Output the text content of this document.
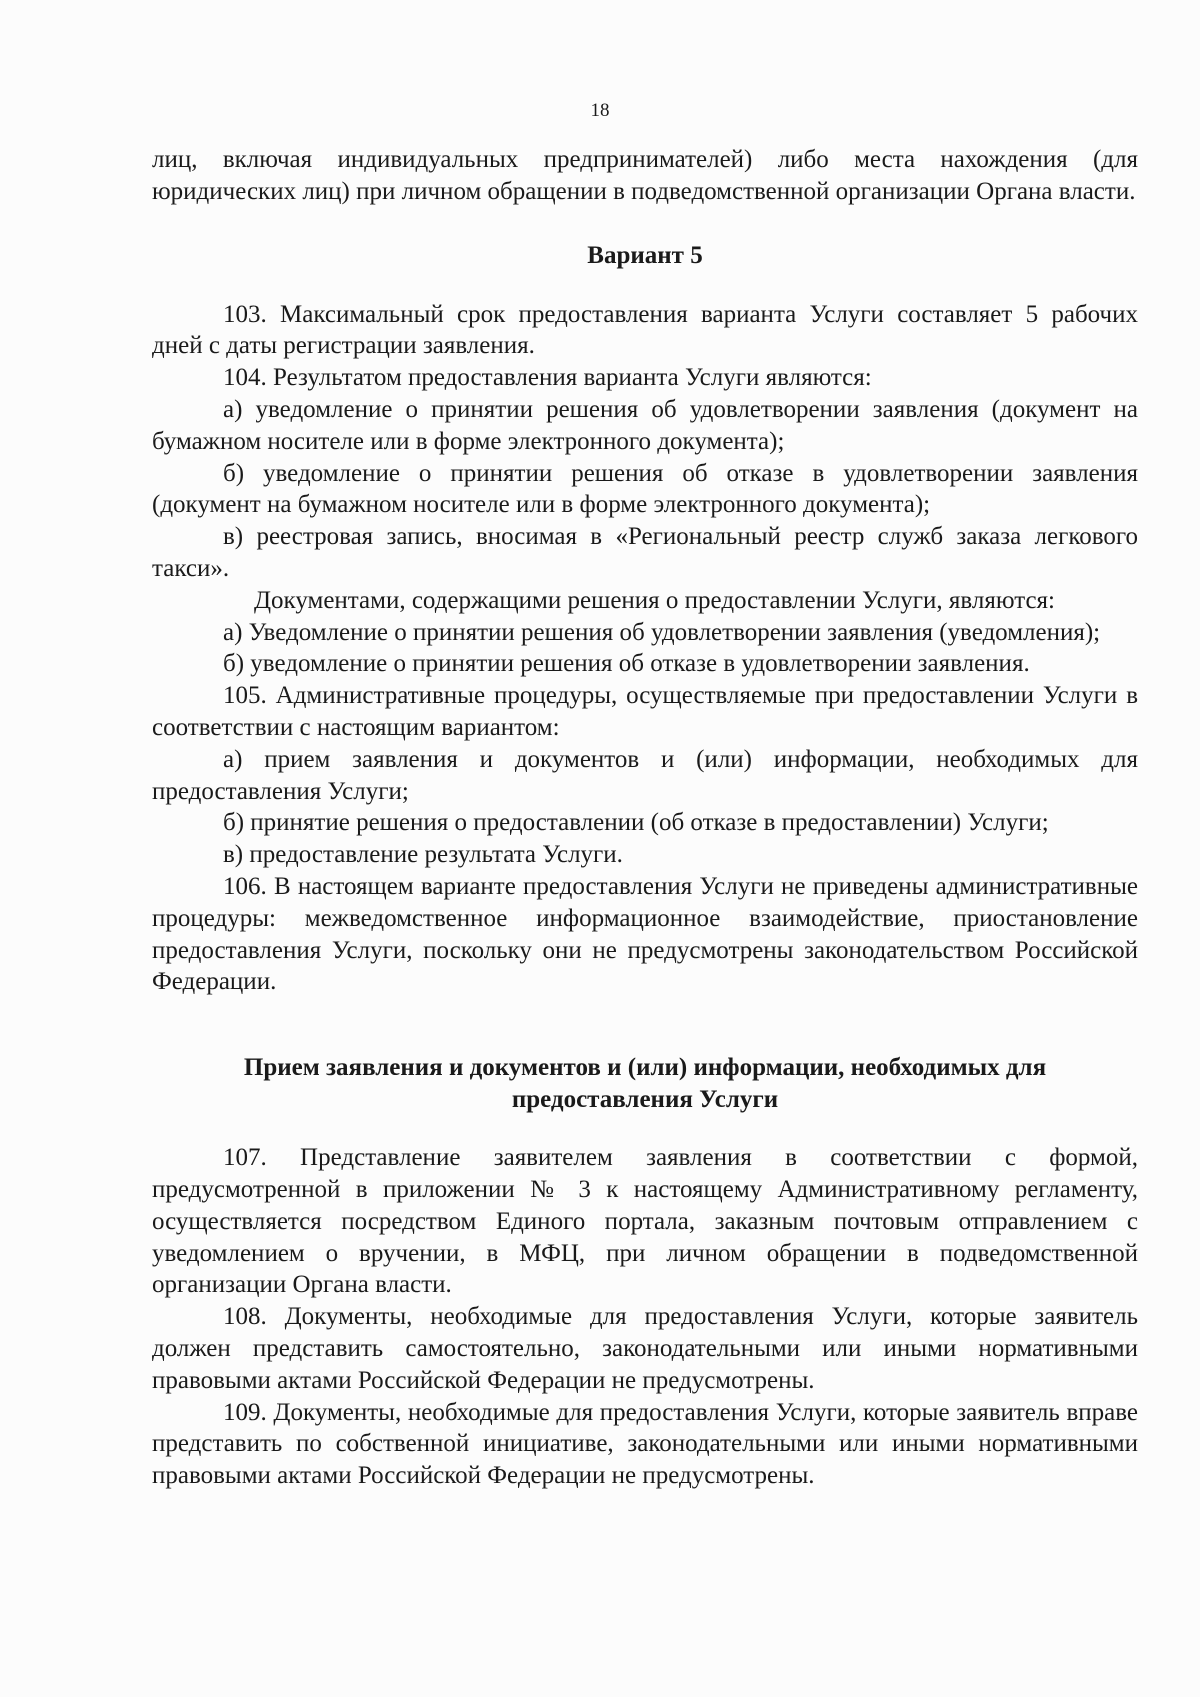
18

лиц, включая индивидуальных предпринимателей) либо места нахождения (для юридических лиц) при личном обращении в подведомственной организации Органа власти.

Вариант 5

103. Максимальный срок предоставления варианта Услуги составляет 5 рабочих дней с даты регистрации заявления.

104. Результатом предоставления варианта Услуги являются:

а) уведомление о принятии решения об удовлетворении заявления (документ на бумажном носителе или в форме электронного документа);

б) уведомление о принятии решения об отказе в удовлетворении заявления (документ на бумажном носителе или в форме электронного документа);

в) реестровая запись, вносимая в «Региональный реестр служб заказа легкового такси».

Документами, содержащими решения о предоставлении Услуги, являются:

а) Уведомление о принятии решения об удовлетворении заявления (уведомления);

б) уведомление о принятии решения об отказе в удовлетворении заявления.

105. Административные процедуры, осуществляемые при предоставлении Услуги в соответствии с настоящим вариантом:

а) прием заявления и документов и (или) информации, необходимых для предоставления Услуги;

б) принятие решения о предоставлении (об отказе в предоставлении) Услуги;

в) предоставление результата Услуги.

106. В настоящем варианте предоставления Услуги не приведены административные процедуры: межведомственное информационное взаимодействие, приостановление предоставления Услуги, поскольку они не предусмотрены законодательством Российской Федерации.

Прием заявления и документов и (или) информации, необходимых для
предоставления Услуги

107. Представление заявителем заявления в соответствии с формой, предусмотренной в приложении № 3 к настоящему Административному регламенту, осуществляется посредством Единого портала, заказным почтовым отправлением с уведомлением о вручении, в МФЦ, при личном обращении в подведомственной организации Органа власти.

108. Документы, необходимые для предоставления Услуги, которые заявитель должен представить самостоятельно, законодательными или иными нормативными правовыми актами Российской Федерации не предусмотрены.

109. Документы, необходимые для предоставления Услуги, которые заявитель вправе представить по собственной инициативе, законодательными или иными нормативными правовыми актами Российской Федерации не предусмотрены.
